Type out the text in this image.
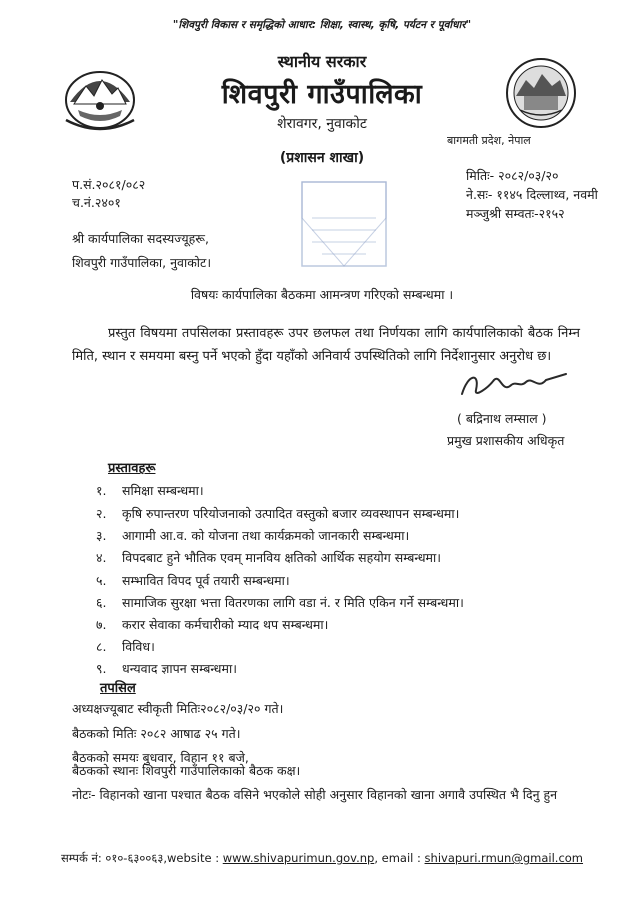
"शिवपुरी विकास र समृद्धिको आधार: शिक्षा, स्वास्थ, कृषि, पर्यटन र पूर्वाधार"
स्थानीय सरकार
शिवपुरी गाउँपालिका
शेरावगर, नुवाकोट
बागमती प्रदेश, नेपाल
(प्रशासन शाखा)
प.सं.२०८१/०८२
च.नं.२४०१
मितिः- २०८२/०३/२०
ने.सः- ११४५ दिल्लाथ्व, नवमी
मञ्जुश्री सम्वतः-२१५२
श्री कार्यपालिका सदस्यज्यूहरू,
शिवपुरी गाउँपालिका, नुवाकोट।
विषयः कार्यपालिका बैठकमा आमन्त्रण गरिएको सम्बन्धमा ।
प्रस्तुत विषयमा तपसिलका प्रस्तावहरू उपर छलफल तथा निर्णयका लागि कार्यपालिकाको बैठक निम्न मिति, स्थान र समयमा बस्नु पर्ने भएको हुँदा यहाँको अनिवार्य उपस्थितिको लागि निर्देशानुसार अनुरोध छ।
( बद्रिनाथ लम्साल )
प्रमुख प्रशासकीय अधिकृत
प्रस्तावहरू
१. समिक्षा सम्बन्धमा।
२. कृषि रुपान्तरण परियोजनाको उत्पादित वस्तुको बजार व्यवस्थापन सम्बन्धमा।
३. आगामी आ.व. को योजना तथा कार्यक्रमको जानकारी सम्बन्धमा।
४. विपदबाट हुने भौतिक एवम् मानविय क्षतिको आर्थिक सहयोग सम्बन्धमा।
५. सम्भावित विपद पूर्व तयारी सम्बन्धमा।
६. सामाजिक सुरक्षा भत्ता वितरणका लागि वडा नं. र मिति एकिन गर्ने सम्बन्धमा।
७. करार सेवाका कर्मचारीको म्याद थप सम्बन्धमा।
८. विविध।
९. धन्यवाद ज्ञापन सम्बन्धमा।
तपसिल
अध्यक्षज्यूबाट स्वीकृती मितिः२०८२/०३/२० गते।
बैठकको मितिः २०८२ आषाढ २५ गते।
बैठकको समयः बुधवार, विहान ११ बजे,
बैठकको स्थानः शिवपुरी गाउँपालिकाको बैठक कक्ष।
नोटः- विहानको खाना पश्चात बैठक वसिने भएकोले सोही अनुसार विहानको खाना अगावै उपस्थित भै दिनु हुन
सम्पर्क नं: ०१०-६३००६३,website : www.shivapurimun.gov.np, email : shivapuri.rmun@gmail.com
